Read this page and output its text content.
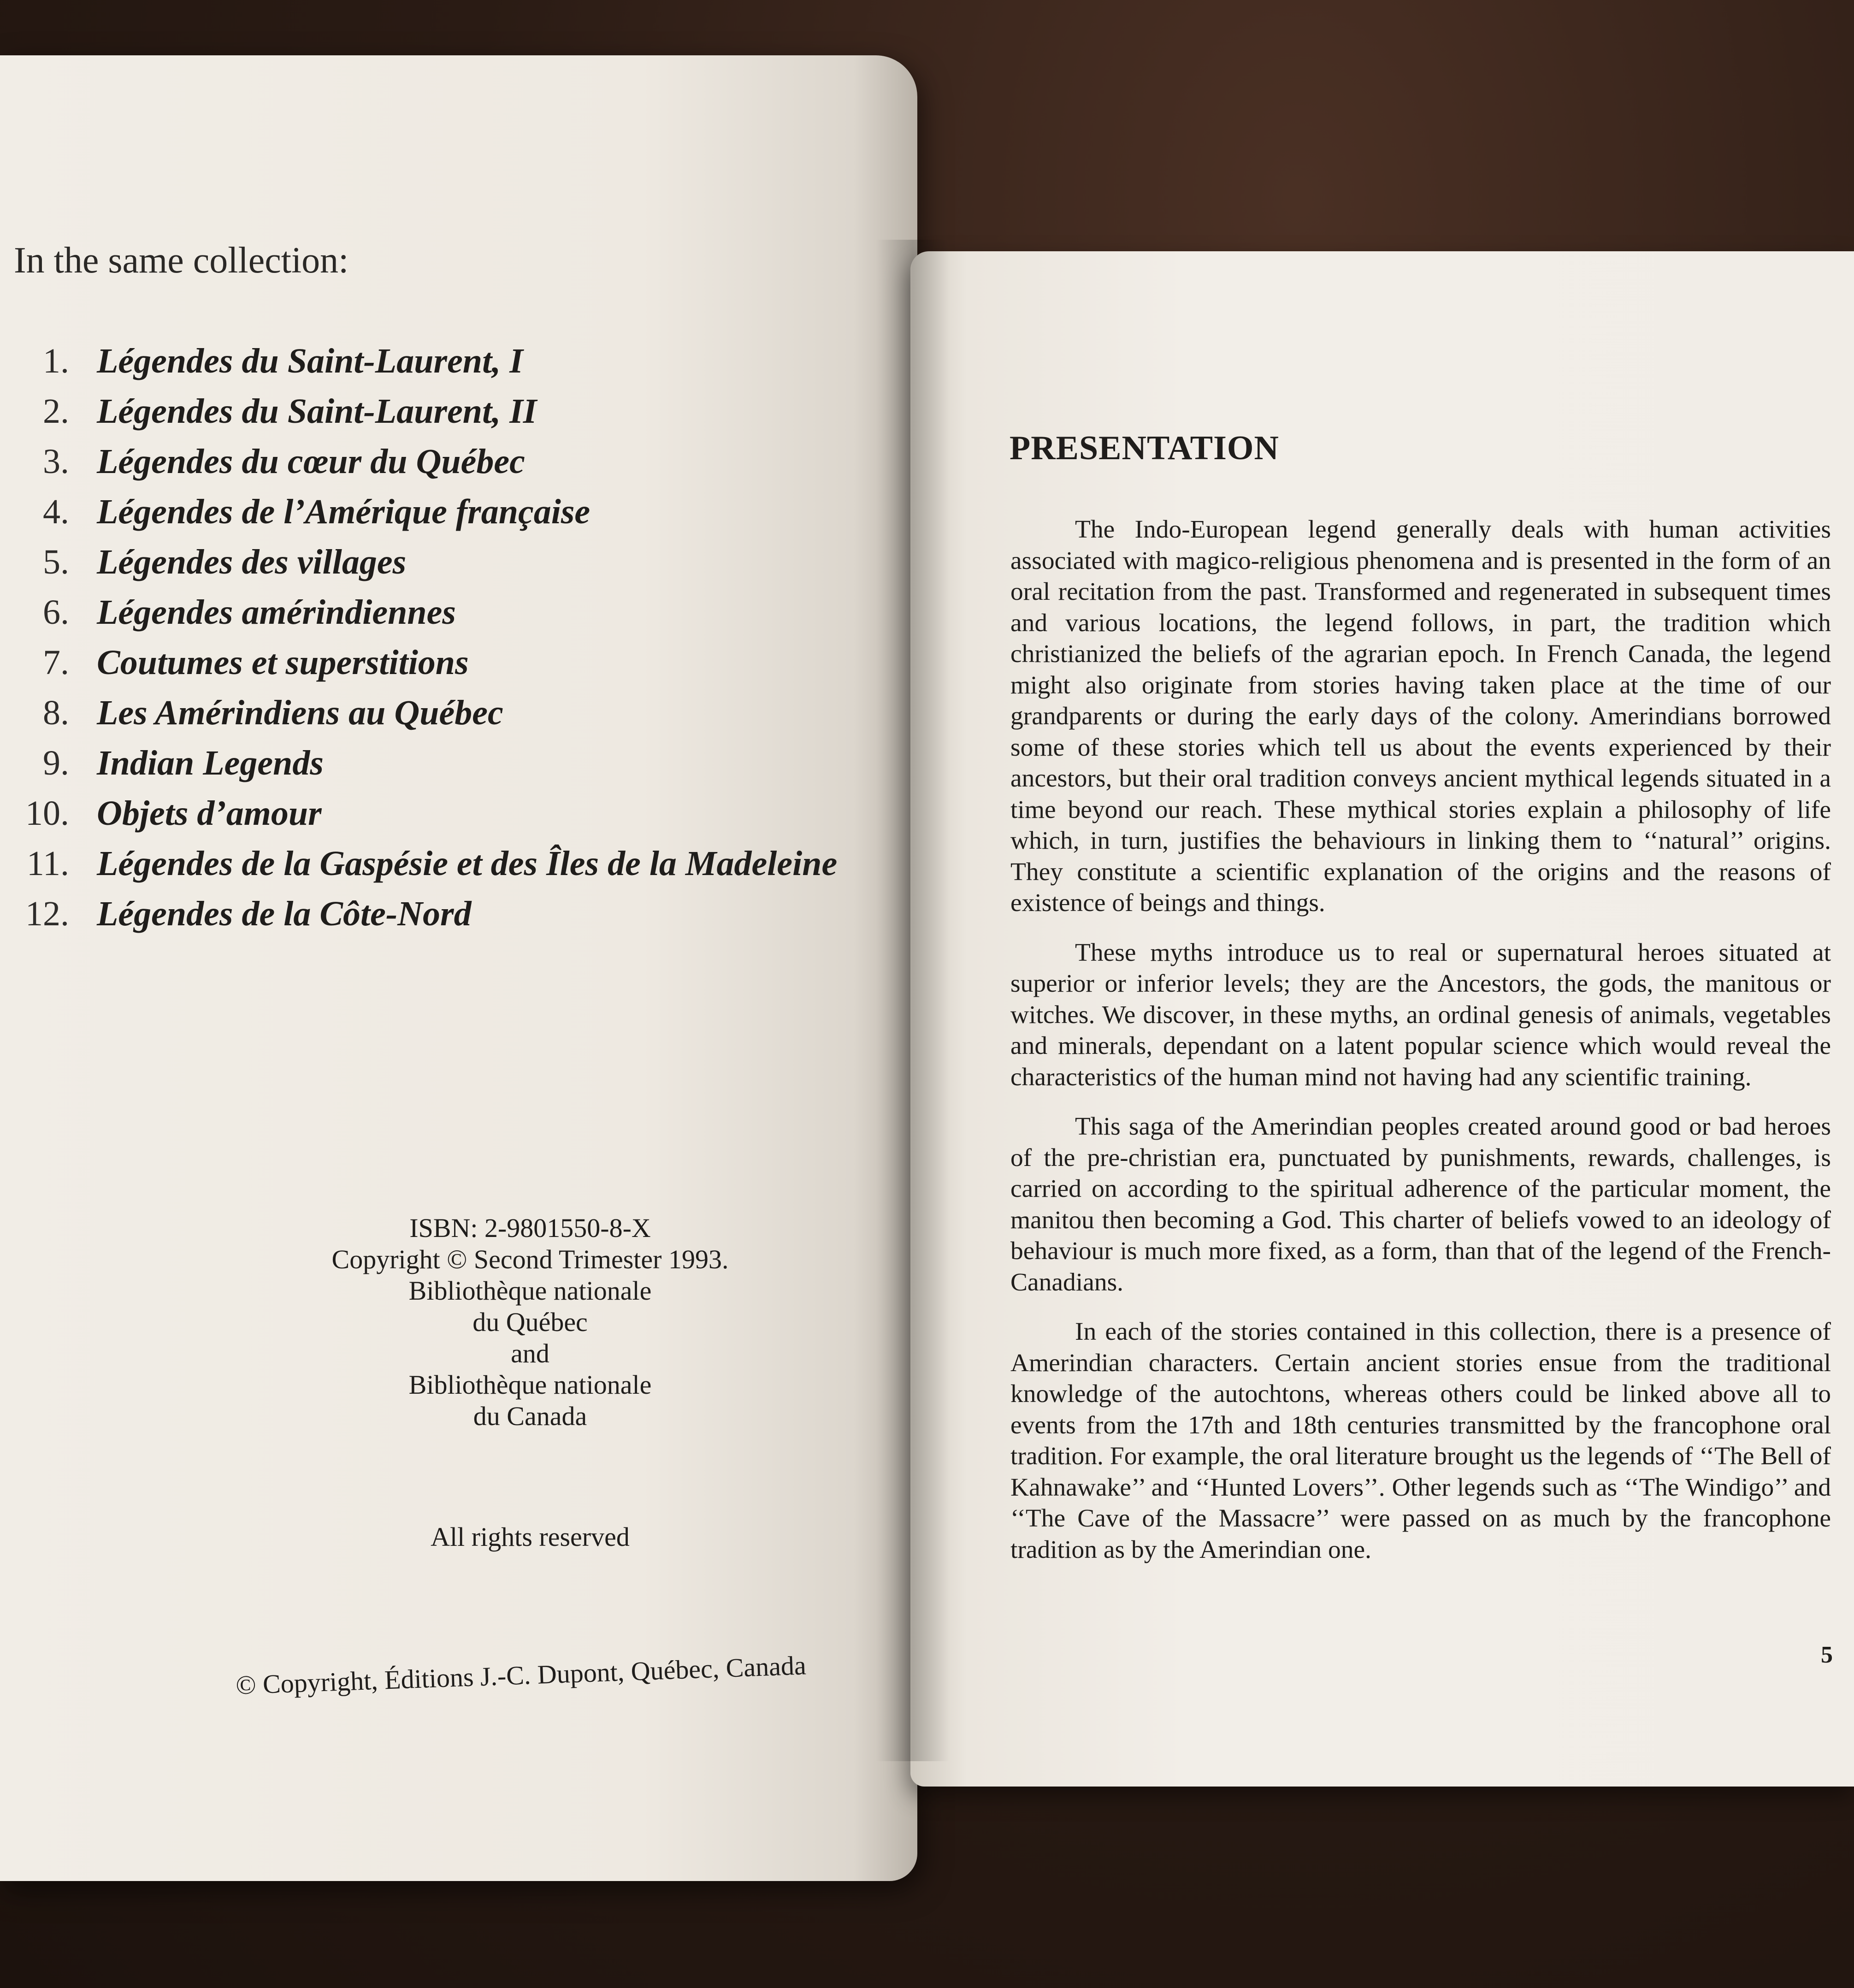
In the same collection:
1. Légendes du Saint-Laurent, I
2. Légendes du Saint-Laurent, II
3. Légendes du cœur du Québec
4. Légendes de l’Amérique française
5. Légendes des villages
6. Légendes amérindiennes
7. Coutumes et superstitions
8. Les Amérindiens au Québec
9. Indian Legends
10. Objets d’amour
11. Légendes de la Gaspésie et des Îles de la Madeleine
12. Légendes de la Côte-Nord
ISBN: 2-9801550-8-X
Copyright © Second Trimester 1993.
Bibliothèque nationale
du Québec
and
Bibliothèque nationale
du Canada
All rights reserved
© Copyright, Éditions J.-C. Dupont, Québec, Canada
PRESENTATION

The Indo-European legend generally deals with human activities associated with magico-religious phenomena and is presented in the form of an oral recitation from the past. Transformed and regenerated in subsequent times and various locations, the legend follows, in part, the tradition which christianized the beliefs of the agrarian epoch. In French Canada, the legend might also originate from stories having taken place at the time of our grandparents or during the early days of the colony. Amerindians borrowed some of these stories which tell us about the events experienced by their ancestors, but their oral tradition conveys ancient mythical legends situated in a time beyond our reach. These mythical stories explain a philosophy of life which, in turn, justifies the behaviours in linking them to ‘‘natural’’ origins. They constitute a scientific explanation of the origins and the reasons of existence of beings and things.

These myths introduce us to real or supernatural heroes situated at superior or inferior levels; they are the Ancestors, the gods, the manitous or witches. We discover, in these myths, an ordinal genesis of animals, vegetables and minerals, dependant on a latent popular science which would reveal the characteristics of the human mind not having had any scientific training.

This saga of the Amerindian peoples created around good or bad heroes of the pre-christian era, punctuated by punishments, rewards, challenges, is carried on according to the spiritual adherence of the particular moment, the manitou then becoming a God. This charter of beliefs vowed to an ideology of behaviour is much more fixed, as a form, than that of the legend of the French-Canadians.

In each of the stories contained in this collection, there is a presence of Amerindian characters. Certain ancient stories ensue from the traditional knowledge of the autochtons, whereas others could be linked above all to events from the 17th and 18th centuries transmitted by the francophone oral tradition. For example, the oral literature brought us the legends of ‘‘The Bell of Kahnawake’’ and ‘‘Hunted Lovers’’. Other legends such as ‘‘The Windigo’’ and ‘‘The Cave of the Massacre’’ were passed on as much by the francophone tradition as by the Amerindian one.

5
